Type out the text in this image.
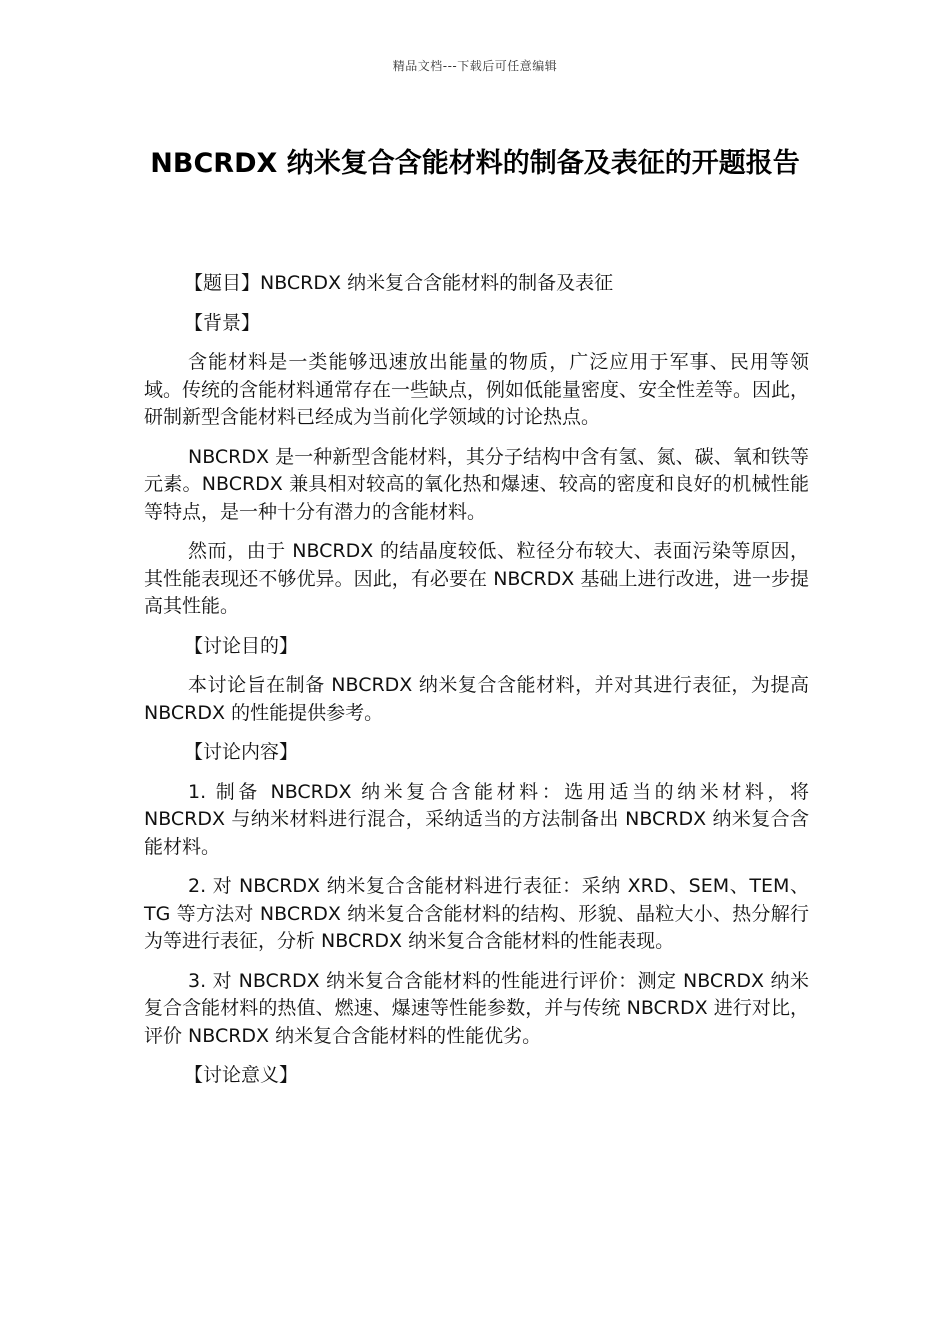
精品文档---下载后可任意编辑
NBCRDX 纳米复合含能材料的制备及表征的开题报告

【题目】NBCRDX 纳米复合含能材料的制备及表征

【背景】

含能材料是一类能够迅速放出能量的物质，广泛应用于军事、民用等领域。传统的含能材料通常存在一些缺点，例如低能量密度、安全性差等。因此，研制新型含能材料已经成为当前化学领域的讨论热点。

NBCRDX 是一种新型含能材料，其分子结构中含有氢、氮、碳、氧和铁等元素。NBCRDX 兼具相对较高的氧化热和爆速、较高的密度和良好的机械性能等特点，是一种十分有潜力的含能材料。

然而，由于 NBCRDX 的结晶度较低、粒径分布较大、表面污染等原因，其性能表现还不够优异。因此，有必要在 NBCRDX 基础上进行改进，进一步提高其性能。

【讨论目的】

本讨论旨在制备 NBCRDX 纳米复合含能材料，并对其进行表征，为提高 NBCRDX 的性能提供参考。

【讨论内容】

1. 制备 NBCRDX 纳米复合含能材料：选用适当的纳米材料，将 NBCRDX 与纳米材料进行混合，采纳适当的方法制备出 NBCRDX 纳米复合含能材料。

2. 对 NBCRDX 纳米复合含能材料进行表征：采纳 XRD、SEM、TEM、TG 等方法对 NBCRDX 纳米复合含能材料的结构、形貌、晶粒大小、热分解行为等进行表征，分析 NBCRDX 纳米复合含能材料的性能表现。

3. 对 NBCRDX 纳米复合含能材料的性能进行评价：测定 NBCRDX 纳米复合含能材料的热值、燃速、爆速等性能参数，并与传统 NBCRDX 进行对比，评价 NBCRDX 纳米复合含能材料的性能优劣。

【讨论意义】
